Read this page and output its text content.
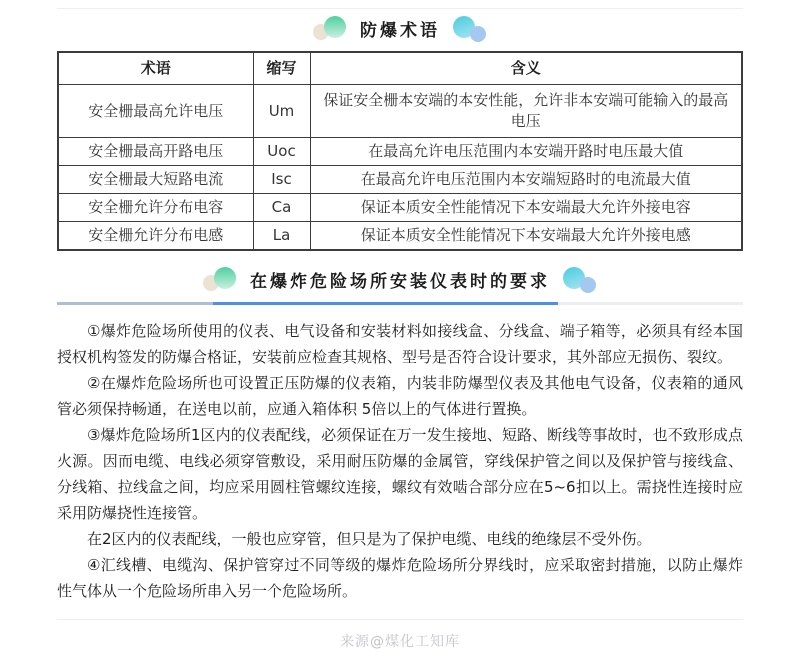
防爆术语
术语	缩写	含义
安全栅最高允许电压	Um	保证安全栅本安端的本安性能，允许非本安端可能输入的最高电压
安全栅最高开路电压	Uoc	在最高允许电压范围内本安端开路时电压最大值
安全栅最大短路电流	Isc	在最高允许电压范围内本安端短路时的电流最大值
安全栅允许分布电容	Ca	保证本质安全性能情况下本安端最大允许外接电容
安全栅允许分布电感	La	保证本质安全性能情况下本安端最大允许外接电感
在爆炸危险场所安装仪表时的要求

①爆炸危险场所使用的仪表、电气设备和安装材料如接线盒、分线盒、端子箱等，必须具有经本国授权机构签发的防爆合格证，安装前应检查其规格、型号是否符合设计要求，其外部应无损伤、裂纹。

②在爆炸危险场所也可设置正压防爆的仪表箱，内装非防爆型仪表及其他电气设备，仪表箱的通风管必须保持畅通，在送电以前，应通入箱体积 5倍以上的气体进行置换。

③爆炸危险场所1区内的仪表配线，必须保证在万一发生接地、短路、断线等事故时，也不致形成点火源。因而电缆、电线必须穿管敷设，采用耐压防爆的金属管，穿线保护管之间以及保护管与接线盒、分线箱、拉线盒之间，均应采用圆柱管螺纹连接，螺纹有效啮合部分应在5~6扣以上。需挠性连接时应采用防爆挠性连接管。

在2区内的仪表配线，一般也应穿管，但只是为了保护电缆、电线的绝缘层不受外伤。

④汇线槽、电缆沟、保护管穿过不同等级的爆炸危险场所分界线时，应采取密封措施，以防止爆炸性气体从一个危险场所串入另一个危险场所。

来源@煤化工知库
